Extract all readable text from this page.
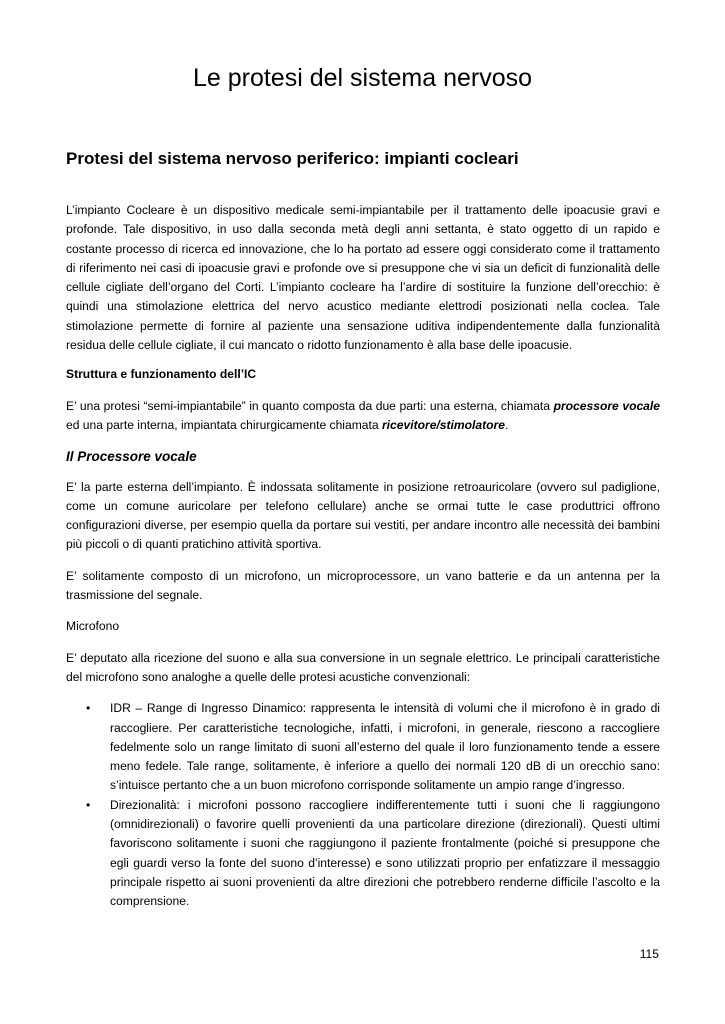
Le protesi del sistema nervoso
Protesi del sistema nervoso periferico: impianti cocleari

L’impianto Cocleare è un dispositivo medicale semi-impiantabile per il trattamento delle ipoacusie gravi e profonde. Tale dispositivo, in uso dalla seconda metà degli anni settanta, è stato oggetto di un rapido e costante processo di ricerca ed innovazione, che lo ha portato ad essere oggi considerato come il trattamento di riferimento nei casi di ipoacusie gravi e profonde ove si presuppone che vi sia un deficit di funzionalità delle cellule cigliate dell’organo del Corti. L’impianto cocleare ha l’ardire di sostituire la funzione dell’orecchio: è quindi una stimolazione elettrica del nervo acustico mediante elettrodi posizionati nella coclea. Tale stimolazione permette di fornire al paziente una sensazione uditiva indipendentemente dalla funzionalità residua delle cellule cigliate, il cui mancato o ridotto funzionamento è alla base delle ipoacusie.

Struttura e funzionamento dell’IC

E’ una protesi “semi-impiantabile” in quanto composta da due parti: una esterna, chiamata processore vocale ed una parte interna, impiantata chirurgicamente chiamata ricevitore/stimolatore.

Il Processore vocale

E’ la parte esterna dell’impianto. È indossata solitamente in posizione retroauricolare (ovvero sul padiglione, come un comune auricolare per telefono cellulare) anche se ormai tutte le case produttrici offrono configurazioni diverse, per esempio quella da portare sui vestiti, per andare incontro alle necessità dei bambini più piccoli o di quanti pratichino attività sportiva.

E’ solitamente composto di un microfono, un microprocessore, un vano batterie e da un antenna per la trasmissione del segnale.

Microfono

E’ deputato alla ricezione del suono e alla sua conversione in un segnale elettrico. Le principali caratteristiche del microfono sono analoghe a quelle delle protesi acustiche convenzionali:

• IDR – Range di Ingresso Dinamico: rappresenta le intensità di volumi che il microfono è in grado di raccogliere. Per caratteristiche tecnologiche, infatti, i microfoni, in generale, riescono a raccogliere fedelmente solo un range limitato di suoni all’esterno del quale il loro funzionamento tende a essere meno fedele. Tale range, solitamente, è inferiore a quello dei normali 120 dB di un orecchio sano: s’intuisce pertanto che a un buon microfono corrisponde solitamente un ampio range d’ingresso.
• Direzionalità: i microfoni possono raccogliere indifferentemente tutti i suoni che li raggiungono (omnidirezionali) o favorire quelli provenienti da una particolare direzione (direzionali). Questi ultimi favoriscono solitamente i suoni che raggiungono il paziente frontalmente (poiché si presuppone che egli guardi verso la fonte del suono d’interesse) e sono utilizzati proprio per enfatizzare il messaggio principale rispetto ai suoni provenienti da altre direzioni che potrebbero renderne difficile l’ascolto e la comprensione.
115
